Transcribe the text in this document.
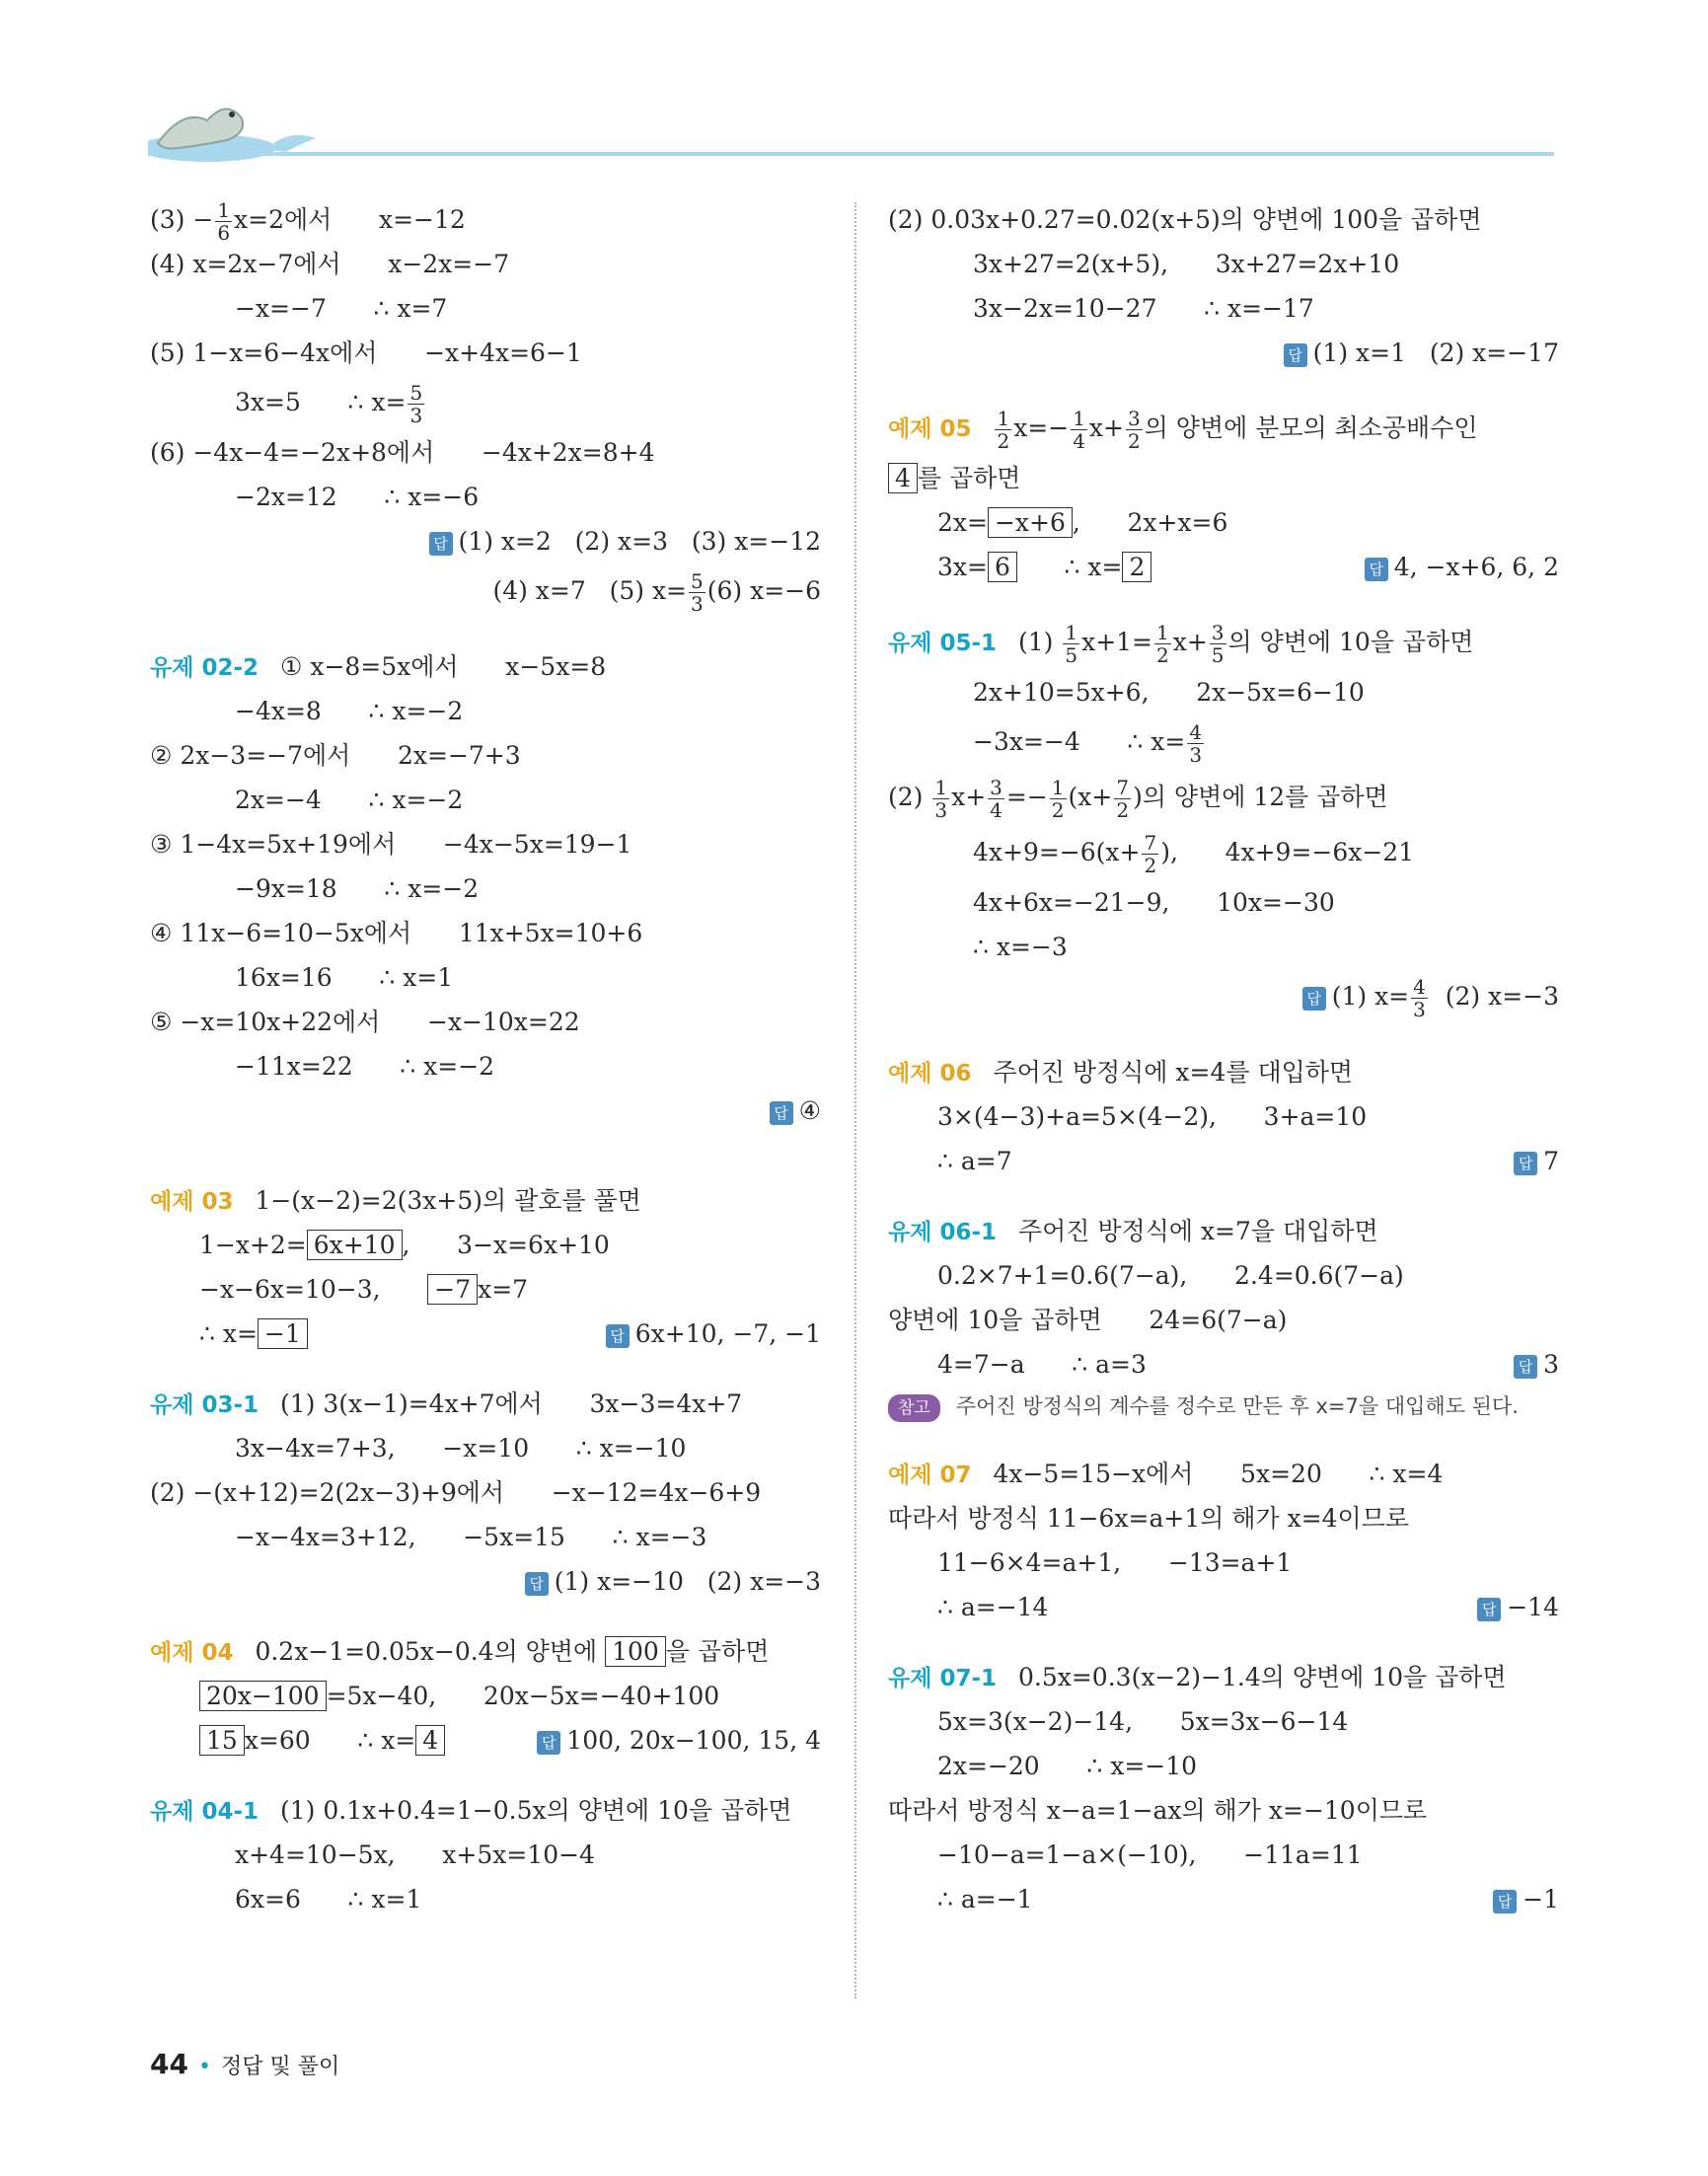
$(3) - \frac{1}{6} x=2$에서      x=−12
(4) x=2x−7에서      x−2x=−7
−x=−7      ∴ x=7
(5) 1−x=6−4x에서      −x+4x=6−1
3x=5      ∴ $x= \frac{5}{3}$
(6) −4x−4=−2x+8에서      −4x+2x=8+4
−2x=12      ∴ x=−6
답 (1) x=2   (2) x=3   (3) x=−12
(4) x=7   (5) $x= \frac{5}{3} (6)$ x=−6
유제 02-2 ① x−8=5x에서      x−5x=8
−4x=8      ∴ x=−2
② 2x−3=−7에서      2x=−7+3
2x=−4      ∴ x=−2
③ 1−4x=5x+19에서      −4x−5x=19−1
−9x=18      ∴ x=−2
④ 11x−6=10−5x에서      11x+5x=10+6
16x=16      ∴ x=1
⑤ −x=10x+22에서      −x−10x=22
−11x=22      ∴ x=−2
답 ④
예제 03 1−(x−2)=2(3x+5)의 괄호를 풀면
1−x+2= 6x+10 ,      3−x=6x+10
−x−6x=10−3,      −7 x=7
∴ x= −1	답 6x+10, −7, −1
유제 03-1 (1) 3(x−1)=4x+7에서      3x−3=4x+7
3x−4x=7+3,      −x=10      ∴ x=−10
(2) −(x+12)=2(2x−3)+9에서      −x−12=4x−6+9
−x−4x=3+12,      −5x=15      ∴ x=−3
답 (1) x=−10   (2) x=−3
예제 04 0.2x−1=0.05x−0.4의 양변에 100 을 곱하면
20x−100 =5x−40,      20x−5x=−40+100
15 x=60      ∴ x= 4	답 100, 20x−100, 15, 4
유제 04-1 (1) 0.1x+0.4=1−0.5x의 양변에 10을 곱하면
x+4=10−5x,      x+5x=10−4
6x=6      ∴ x=1
(2) 0.03x+0.27=0.02(x+5)의 양변에 100을 곱하면
3x+27=2(x+5),      3x+27=2x+10
3x−2x=10−27      ∴ x=−17
답 (1) x=1   (2) x=−17
예제 $05 \frac{1}{2} x=- \frac{1}{4} x+ \frac{3}{2}$ 의 양변에 분모의 최소공배수인
4 를 곱하면
2x= −x+6 ,      2x+x=6
3x= 6      ∴ x= 2	답 4, −x+6, 6, 2
유제 05-1 $(1) \frac{1}{5} x+1= \frac{1}{2} x+ \frac{3}{5}$ 의 양변에 10을 곱하면
2x+10=5x+6,      2x−5x=6−10
−3x=−4      ∴ $x= \frac{4}{3}$
$(2) \frac{1}{3} x+ \frac{3}{4} =- \frac{1}{2} (x+ \frac{7}{2}$ )의 양변에 12를 곱하면
$4x+9=-6(x+ \frac{7}{2}$ ),      4x+9=−6x−21
4x+6x=−21−9,      10x=−30
∴ x=−3
답 (1) $x= \frac{4}{3} (2)$ x=−3
예제 06 주어진 방정식에 x=4를 대입하면
3×(4−3)+a=5×(4−2),      3+a=10
∴ a=7	답 7
유제 06-1 주어진 방정식에 x=7을 대입하면
0.2×7+1=0.6(7−a),      2.4=0.6(7−a)
양변에 10을 곱하면      24=6(7−a)
4=7−a      ∴ a=3	답 3
참고 주어진 방정식의 계수를 정수로 만든 후 x=7을 대입해도 된다.
예제 07 4x−5=15−x에서      5x=20      ∴ x=4
따라서 방정식 11−6x=a+1의 해가 x=4이므로
11−6×4=a+1,      −13=a+1
∴ a=−14	답 −14
유제 07-1 0.5x=0.3(x−2)−1.4의 양변에 10을 곱하면
5x=3(x−2)−14,      5x=3x−6−14
2x=−20      ∴ x=−10
따라서 방정식 x−a=1−ax의 해가 x=−10이므로
−10−a=1−a×(−10),      −11a=11
∴ a=−1	답 −1
44 • 정답 및 풀이
